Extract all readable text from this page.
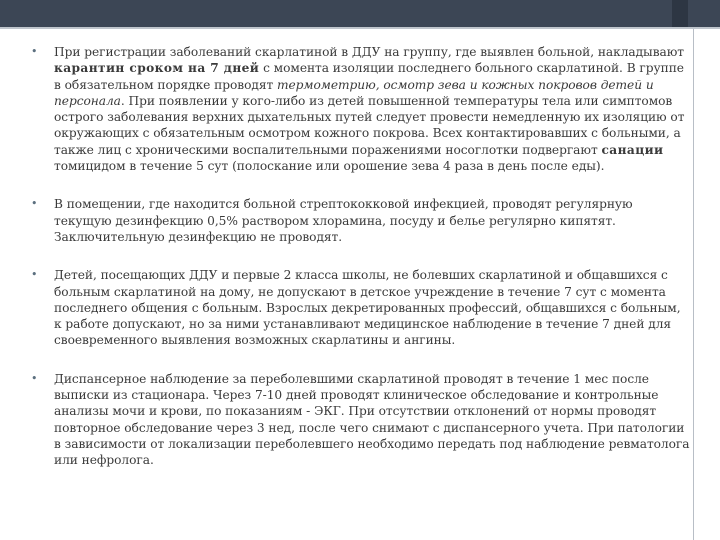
• При регистрации заболеваний скарлатиной в ДДУ на группу, где выявлен больной, накладывают карантин сроком на 7 дней с момента изоляции последнего больного скарлатиной. В группе в обязательном порядке проводят термометрию, осмотр зева и кожных покровов детей и персонала. При появлении у кого-либо из детей повышенной температуры тела или симптомов острого заболевания верхних дыхательных путей следует провести немедленную их изоляцию от окружающих с обязательным осмотром кожного покрова. Всех контактировавших с больными, а также лиц с хроническими воспалительными поражениями носоглотки подвергают санации томицидом в течение 5 сут (полоскание или орошение зева 4 раза в день после еды).
• В помещении, где находится больной стрептококковой инфекцией, проводят регулярную текущую дезинфекцию 0,5% раствором хлорамина, посуду и белье регулярно кипятят. Заключительную дезинфекцию не проводят.
• Детей, посещающих ДДУ и первые 2 класса школы, не болевших скарлатиной и общавшихся с больным скарлатиной на дому, не допускают в детское учреждение в течение 7 сут с момента последнего общения с больным. Взрослых декретированных профессий, общавшихся с больным, к работе допускают, но за ними устанавливают медицинское наблюдение в течение 7 дней для своевременного выявления возможных скарлатины и ангины.
• Диспансерное наблюдение за переболевшими скарлатиной проводят в течение 1 мес после выписки из стационара. Через 7-10 дней проводят клиническое обследование и контрольные анализы мочи и крови, по показаниям - ЭКГ. При отсутствии отклонений от нормы проводят повторное обследование через 3 нед, после чего снимают с диспансерного учета. При патологии в зависимости от локализации переболевшего необходимо передать под наблюдение ревматолога или нефролога.
